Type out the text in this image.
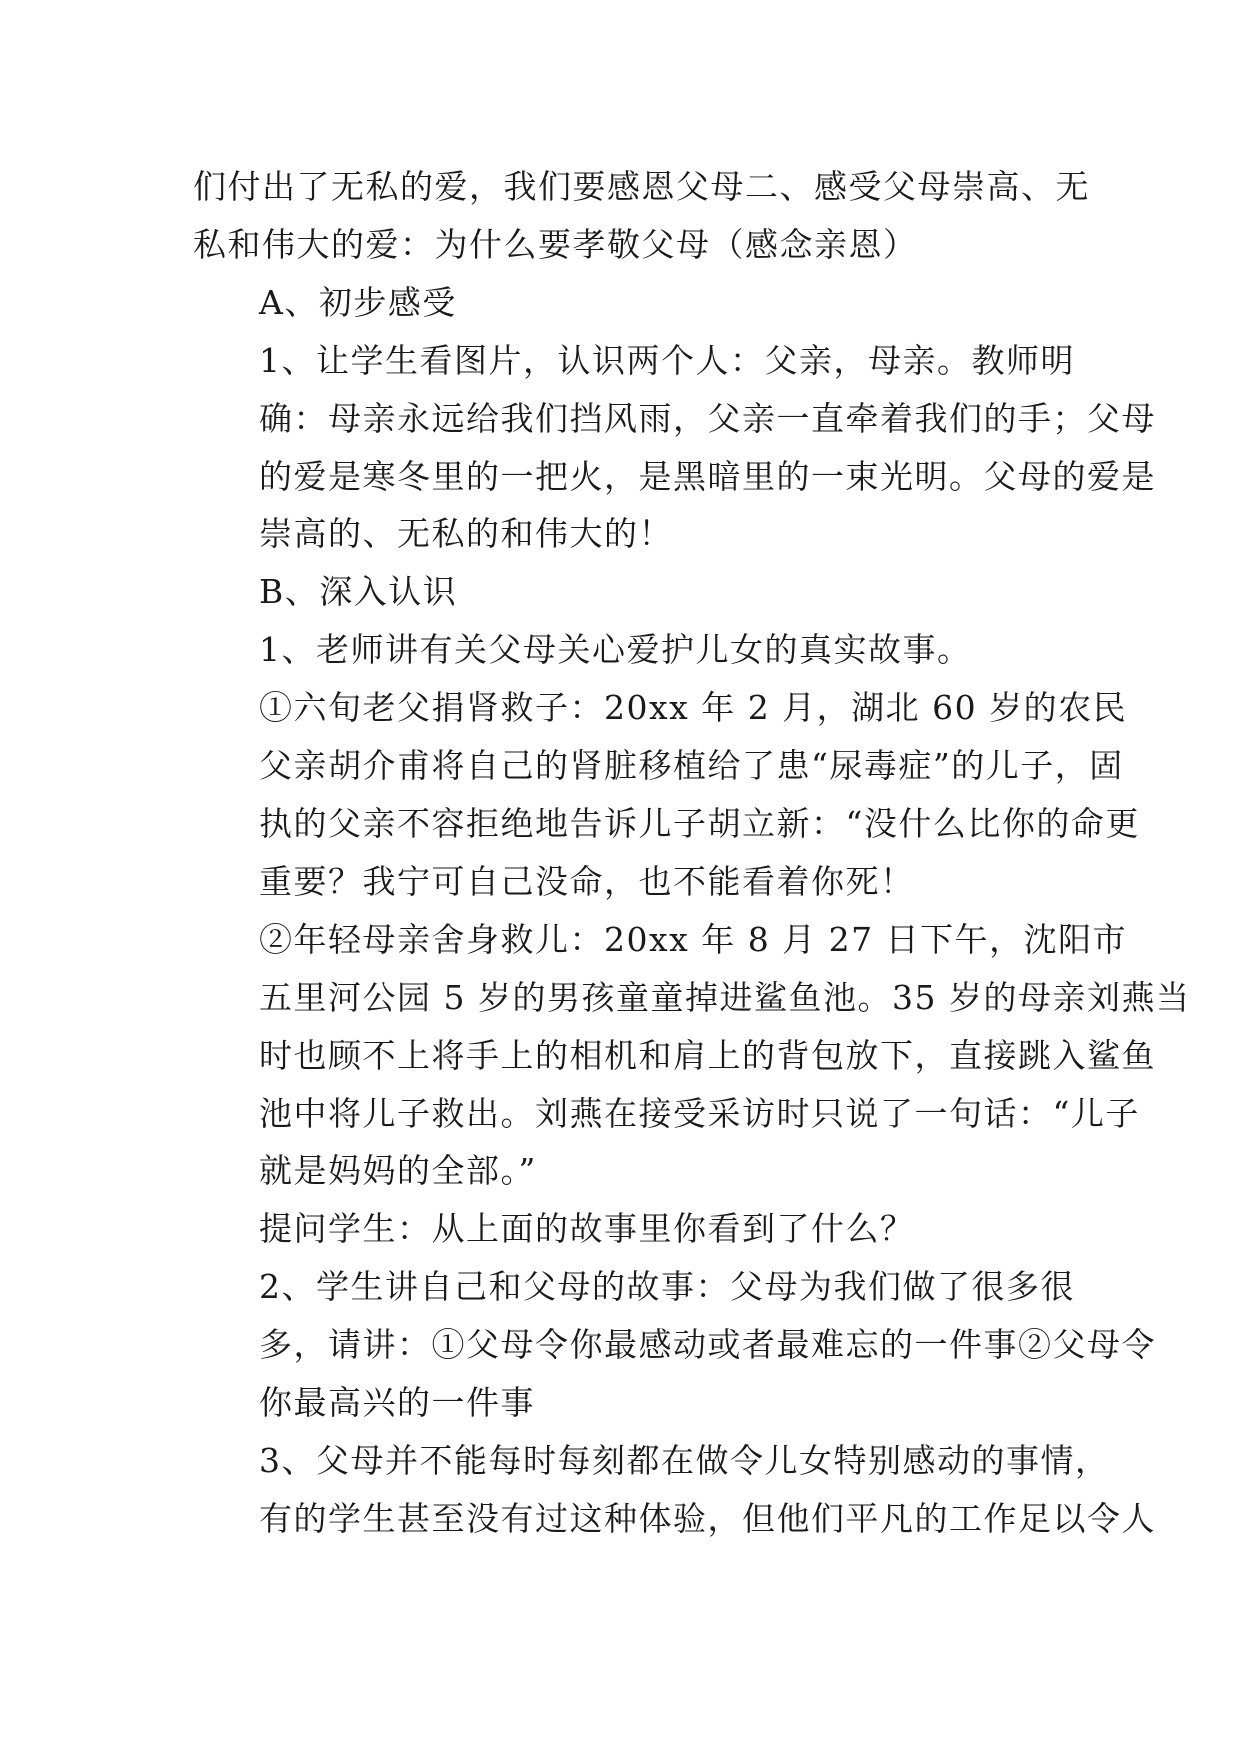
们付出了无私的爱，我们要感恩父母二、感受父母崇高、无
私和伟大的爱：为什么要孝敬父母（感念亲恩）
A、初步感受
1、让学生看图片，认识两个人：父亲，母亲。教师明
确：母亲永远给我们挡风雨，父亲一直牵着我们的手；父母
的爱是寒冬里的一把火，是黑暗里的一束光明。父母的爱是
崇高的、无私的和伟大的！
B、深入认识
1、老师讲有关父母关心爱护儿女的真实故事。
①六旬老父捐肾救子：20xx 年 2 月，湖北 60 岁的农民
父亲胡介甫将自己的肾脏移植给了患“尿毒症”的儿子，固
执的父亲不容拒绝地告诉儿子胡立新：“没什么比你的命更
重要？我宁可自己没命，也不能看着你死！
②年轻母亲舍身救儿：20xx 年 8 月 27 日下午，沈阳市
五里河公园 5 岁的男孩童童掉进鲨鱼池。35 岁的母亲刘燕当
时也顾不上将手上的相机和肩上的背包放下，直接跳入鲨鱼
池中将儿子救出。刘燕在接受采访时只说了一句话：“儿子
就是妈妈的全部。”
提问学生：从上面的故事里你看到了什么？
2、学生讲自己和父母的故事：父母为我们做了很多很
多，请讲：①父母令你最感动或者最难忘的一件事②父母令
你最高兴的一件事
3、父母并不能每时每刻都在做令儿女特别感动的事情，
有的学生甚至没有过这种体验，但他们平凡的工作足以令人
